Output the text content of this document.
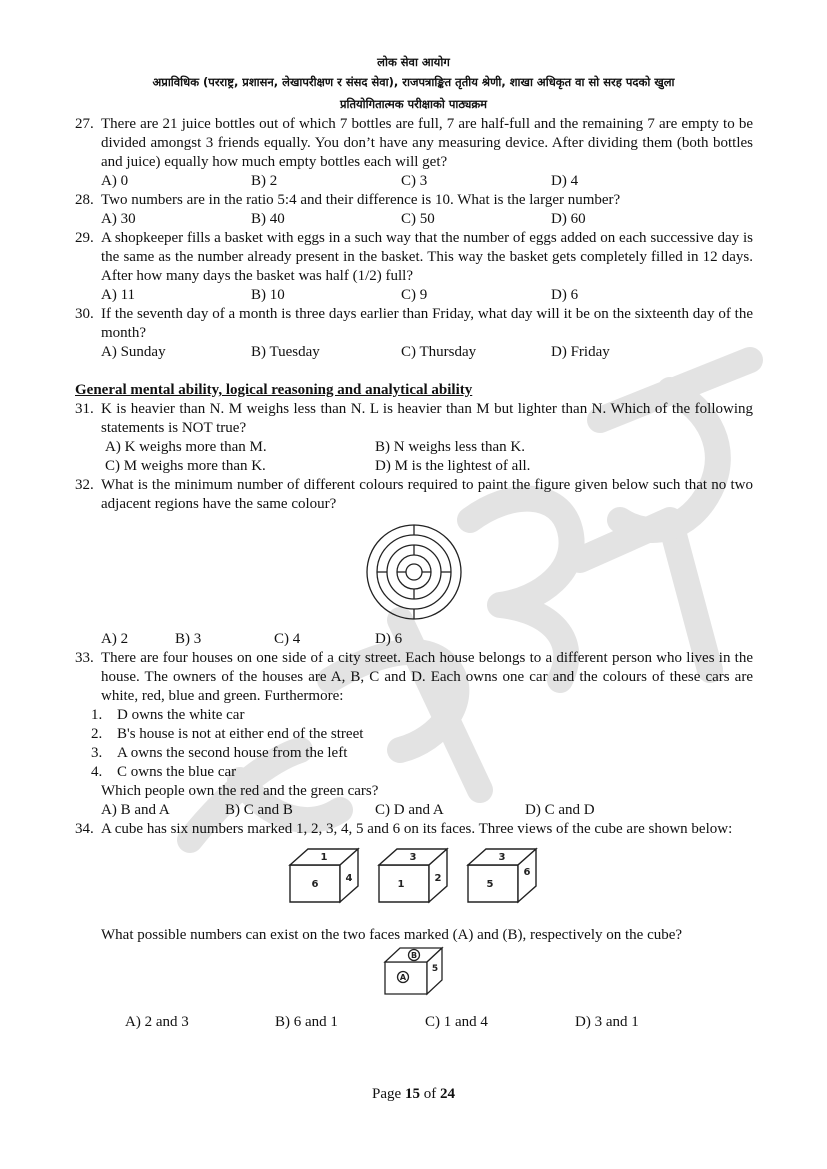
लोक सेवा आयोग
अप्राविधिक (परराष्ट्र, प्रशासन, लेखापरीक्षण र संसद सेवा), राजपत्राङ्कित तृतीय श्रेणी, शाखा अधिकृत वा सो सरह पदको खुला
प्रतियोगितात्मक परीक्षाको पाठ्यक्रम
27. There are 21 juice bottles out of which 7 bottles are full, 7 are half-full and the remaining 7 are empty to be divided amongst 3 friends equally. You don’t have any measuring device. After dividing them (both bottles and juice) equally how much empty bottles each will get?
A) 0	B) 2	C) 3	D) 4
28. Two numbers are in the ratio 5:4 and their difference is 10. What is the larger number?
A) 30	B) 40	C) 50	D) 60
29. A shopkeeper fills a basket with eggs in a such way that the number of eggs added on each successive day is the same as the number already present in the basket. This way the basket gets completely filled in 12 days. After how many days the basket was half (1/2) full?
A) 11	B) 10	C) 9	D) 6
30. If the seventh day of a month is three days earlier than Friday, what day will it be on the sixteenth day of the month?
A) Sunday	B) Tuesday	C) Thursday	D) Friday
General mental ability, logical reasoning and analytical ability
31. K is heavier than N. M weighs less than N. L is heavier than M but lighter than N. Which of the following statements is NOT true?
A) K weighs more than M.	B) N weighs less than K.
C) M weighs more than K.	D) M is the lightest of all.
32. What is the minimum number of different colours required to paint the figure given below such that no two adjacent regions have the same colour?
A) 2	B) 3	C) 4	D) 6
33. There are four houses on one side of a city street. Each house belongs to a different person who lives in the house. The owners of the houses are A, B, C and D. Each owns one car and the colours of these cars are white, red, blue and green. Furthermore:
1. D owns the white car
2. B's house is not at either end of the street
3. A owns the second house from the left
4. C owns the blue car
Which people own the red and the green cars?
A) B and A	B) C and B	C) D and A	D) C and D
34. A cube has six numbers marked 1, 2, 3, 4, 5 and 6 on its faces. Three views of the cube are shown below:
1
6
4
3
1
2
3
5
6
What possible numbers can exist on the two faces marked (A) and (B), respectively on the cube?
B
A
5
A) 2 and 3	B) 6 and 1	C) 1 and 4	D) 3 and 1
Page 15 of 24
